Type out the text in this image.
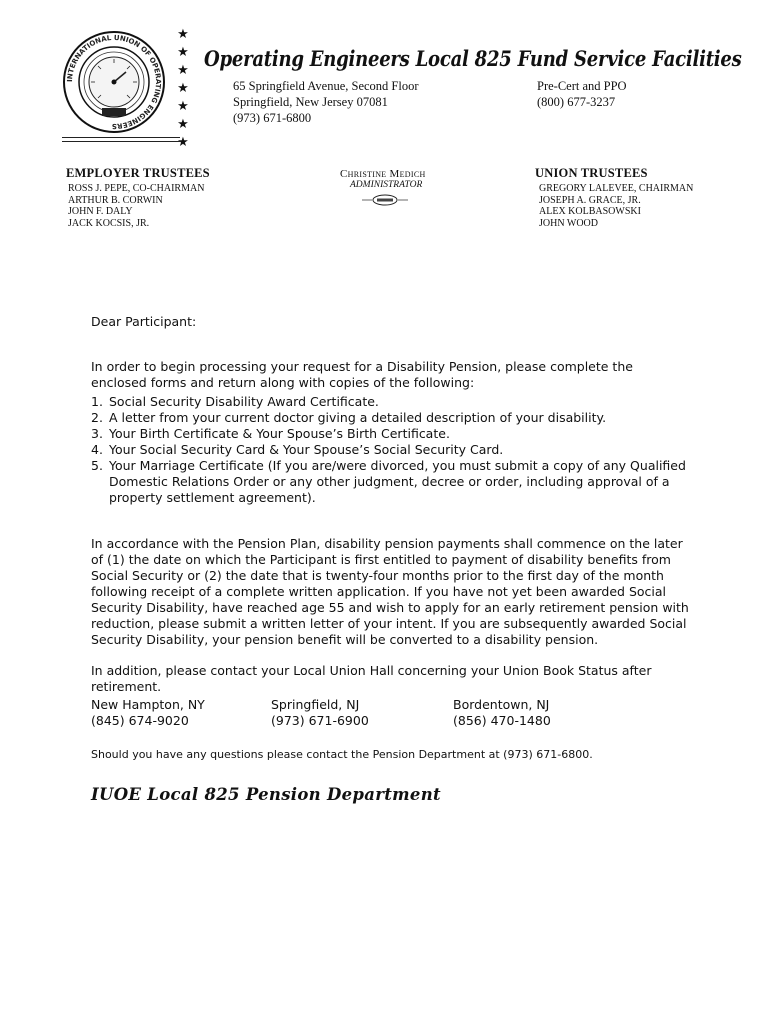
INTERNATIONAL UNION OF OPERATING ENGINEERS
★
★
★
★
★
★
★
Operating Engineers Local 825 Fund Service Facilities
65 Springfield Avenue, Second Floor
Springfield, New Jersey 07081
(973) 671-6800
Pre-Cert and PPO
(800) 677-3237
EMPLOYER TRUSTEES
ROSS J. PEPE, CO-CHAIRMAN
ARTHUR B. CORWIN
JOHN F. DALY
JACK KOCSIS, JR.
Christine Medich
ADMINISTRATOR
UNION TRUSTEES
GREGORY LALEVEE, CHAIRMAN
JOSEPH A. GRACE, JR.
ALEX KOLBASOWSKI
JOHN WOOD
Dear Participant:

In order to begin processing your request for a Disability Pension, please complete the enclosed forms and return along with copies of the following:

1. Social Security Disability Award Certificate.
2. A letter from your current doctor giving a detailed description of your disability.
3. Your Birth Certificate & Your Spouse’s Birth Certificate.
4. Your Social Security Card & Your Spouse’s Social Security Card.
5. Your Marriage Certificate (If you are/were divorced, you must submit a copy of any Qualified Domestic Relations Order or any other judgment, decree or order, including approval of a property settlement agreement).

In accordance with the Pension Plan, disability pension payments shall commence on the later of (1) the date on which the Participant is first entitled to payment of disability benefits from Social Security or (2) the date that is twenty-four months prior to the first day of the month following receipt of a complete written application. If you have not yet been awarded Social Security Disability, have reached age 55 and wish to apply for an early retirement pension with reduction, please submit a written letter of your intent. If you are subsequently awarded Social Security Disability, your pension benefit will be converted to a disability pension.

In addition, please contact your Local Union Hall concerning your Union Book Status after retirement.

New Hampton, NY
(845) 674-9020
Springfield, NJ
(973) 671-6900
Bordentown, NJ
(856) 470-1480
Should you have any questions please contact the Pension Department at (973) 671-6800.
IUOE Local 825 Pension Department
